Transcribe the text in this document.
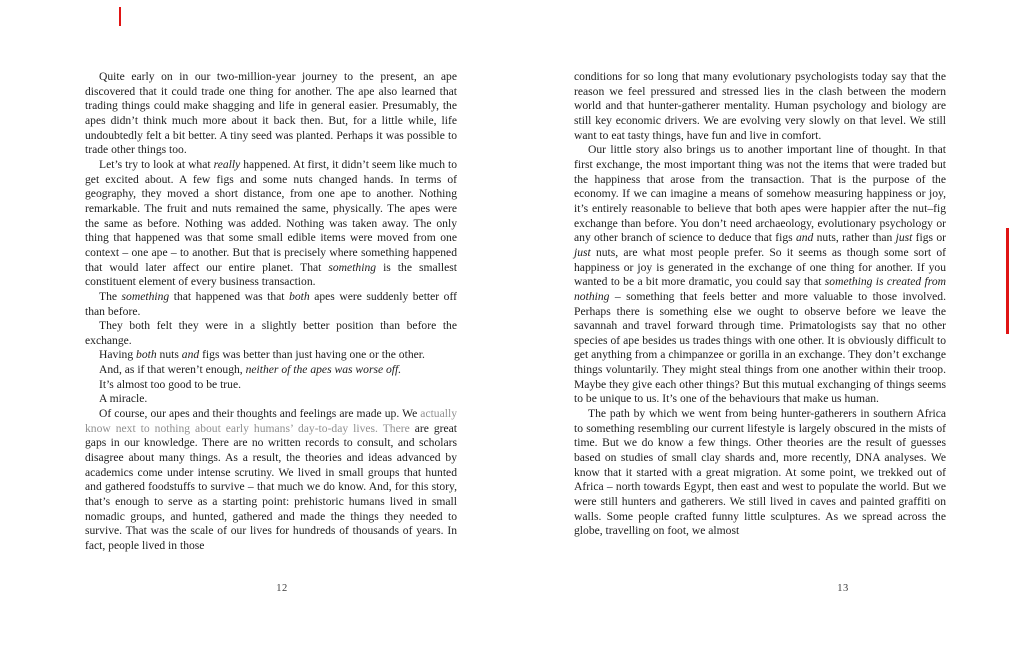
Quite early on in our two-million-year journey to the present, an ape discovered that it could trade one thing for another. The ape also learned that trading things could make shagging and life in general easier. Presumably, the apes didn’t think much more about it back then. But, for a little while, life undoubtedly felt a bit better. A tiny seed was planted. Perhaps it was possible to trade other things too.

Let’s try to look at what really happened. At first, it didn’t seem like much to get excited about. A few figs and some nuts changed hands. In terms of geography, they moved a short distance, from one ape to another. Nothing remarkable. The fruit and nuts remained the same, physically. The apes were the same as before. Nothing was added. Nothing was taken away. The only thing that happened was that some small edible items were moved from one context – one ape – to another. But that is precisely where something happened that would later affect our entire planet. That something is the smallest constituent element of every business transaction.

The something that happened was that both apes were suddenly better off than before.

They both felt they were in a slightly better position than before the exchange.

Having both nuts and figs was better than just having one or the other.

And, as if that weren’t enough, neither of the apes was worse off.

It’s almost too good to be true.

A miracle.

Of course, our apes and their thoughts and feelings are made up. We actually know next to nothing about early humans’ day-to-day lives. There are great gaps in our knowledge. There are no written records to consult, and scholars disagree about many things. As a result, the theories and ideas advanced by academics come under intense scrutiny. We lived in small groups that hunted and gathered foodstuffs to survive – that much we do know. And, for this story, that’s enough to serve as a starting point: prehistoric humans lived in small nomadic groups, and hunted, gathered and made the things they needed to survive. That was the scale of our lives for hundreds of thousands of years. In fact, people lived in those

conditions for so long that many evolutionary psychologists today say that the reason we feel pressured and stressed lies in the clash between the modern world and that hunter-gatherer mentality. Human psychology and biology are still key economic drivers. We are evolving very slowly on that level. We still want to eat tasty things, have fun and live in comfort.

Our little story also brings us to another important line of thought. In that first exchange, the most important thing was not the items that were traded but the happiness that arose from the transaction. That is the purpose of the economy. If we can imagine a means of somehow measuring happiness or joy, it’s entirely reasonable to believe that both apes were happier after the nut–fig exchange than before. You don’t need archaeology, evolutionary psychology or any other branch of science to deduce that figs and nuts, rather than just figs or just nuts, are what most people prefer. So it seems as though some sort of happiness or joy is generated in the exchange of one thing for another. If you wanted to be a bit more dramatic, you could say that something is created from nothing – something that feels better and more valuable to those involved. Perhaps there is something else we ought to observe before we leave the savannah and travel forward through time. Primatologists say that no other species of ape besides us trades things with one other. It is obviously difficult to get anything from a chimpanzee or gorilla in an exchange. They don’t exchange things voluntarily. They might steal things from one another within their troop. Maybe they give each other things? But this mutual exchanging of things seems to be unique to us. It’s one of the behaviours that make us human.

The path by which we went from being hunter-gatherers in southern Africa to something resembling our current lifestyle is largely obscured in the mists of time. But we do know a few things. Other theories are the result of guesses based on studies of small clay shards and, more recently, DNA analyses. We know that it started with a great migration. At some point, we trekked out of Africa – north towards Egypt, then east and west to populate the world. But we were still hunters and gatherers. We still lived in caves and painted graffiti on walls. Some people crafted funny little sculptures. As we spread across the globe, travelling on foot, we almost

12	13
